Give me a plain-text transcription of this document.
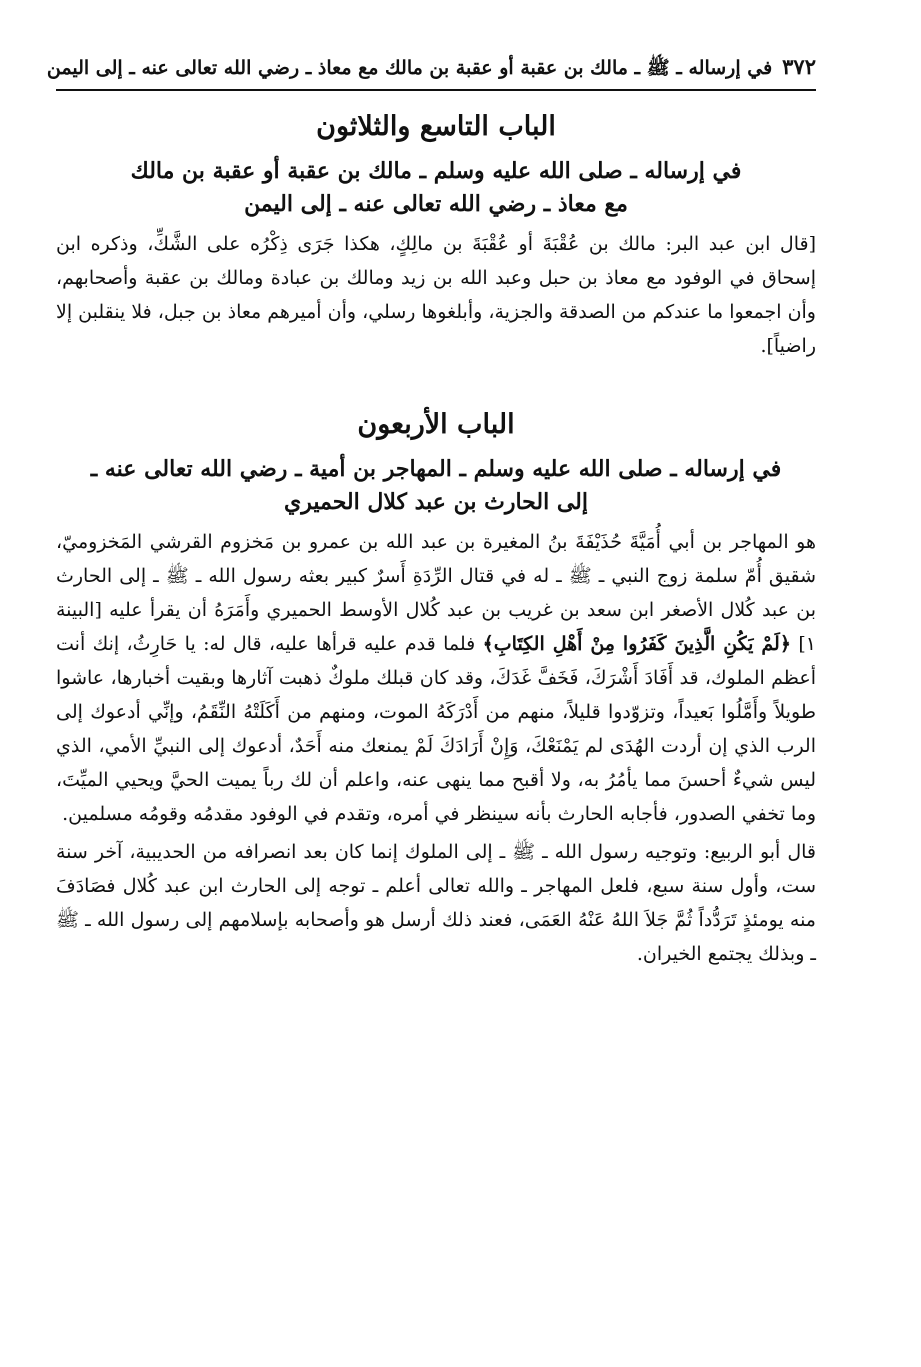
٣٧٢
في إرساله ـ ﷺ ـ مالك بن عقبة أو عقبة بن مالك مع معاذ ـ رضي الله تعالى عنه ـ إلى اليمن
الباب التاسع والثلاثون
في إرساله ـ صلى الله عليه وسلم ـ مالك بن عقبة أو عقبة بن مالك
مع معاذ ـ رضي الله تعالى عنه ـ إلى اليمن

[قال ابن عبد البر: مالك بن عُقْبَةَ أو عُقْبَةَ بن مالِكٍ، هكذا جَرَى ذِكْرُه على الشَّكِّ، وذكره ابن إسحاق في الوفود مع معاذ بن حبل وعبد الله بن زيد ومالك بن عبادة ومالك بن عقبة وأصحابهم، وأن اجمعوا ما عندكم من الصدقة والجزية، وأبلغوها رسلي، وأن أميرهم معاذ بن جبل، فلا ينقلبن إلا راضياً].

الباب الأربعون
في إرساله ـ صلى الله عليه وسلم ـ المهاجر بن أمية ـ رضي الله تعالى عنه ـ
إلى الحارث بن عبد كلال الحميري

هو المهاجر بن أبي أُمَيَّةَ حُذَيْفَةَ بنُ المغيرة بن عبد الله بن عمرو بن مَخزوم القرشي المَخزوميّ، شقيق أُمّ سلمة زوج النبي ـ ﷺ ـ له في قتال الرِّدَةِ أَسرٌ كبير بعثه رسول الله ـ ﷺ ـ إلى الحارث بن عبد كُلال الأصغر ابن سعد بن غريب بن عبد كُلال الأوسط الحميري وأَمَرَهُ أن يقرأ عليه [البينة ١] ﴿لَمْ يَكُنِ الَّذِينَ كَفَرُوا مِنْ أَهْلِ الكِتَابِ﴾ فلما قدم عليه قرأها عليه، قال له: يا حَارِثُ، إنك أنت أعظم الملوك، قد أَفَادَ أَشْرَكَ، فَخَفَّ غَدَكَ، وقد كان قبلك ملوكٌ ذهبت آثارها وبقيت أخبارها، عاشوا طويلاً وأَمَّلُوا بَعيداً، وتزوّدوا قليلاً، منهم من أَدْرَكَهُ الموت، ومنهم من أَكَلَتْهُ النِّقَمُ، وإنِّي أدعوك إلى الرب الذي إن أردت الهُدَى لم يَمْنَعْكَ، وَإِنْ أَرَادَكَ لَمْ يمنعك منه أَحَدٌ، أدعوك إلى النبيِّ الأمي، الذي ليس شيءٌ أحسنَ مما يأمُرُ به، ولا أقبح مما ينهى عنه، واعلم أن لك رباً يميت الحيَّ ويحيي الميِّتَ، وما تخفي الصدور، فأجابه الحارث بأنه سينظر في أمره، وتقدم في الوفود مقدمُه وقومُه مسلمين.

قال أبو الربيع: وتوجيه رسول الله ـ ﷺ ـ إلى الملوك إنما كان بعد انصرافه من الحديبية، آخر سنة ست، وأول سنة سبع، فلعل المهاجر ـ والله تعالى أعلم ـ توجه إلى الحارث ابن عبد كُلال فصَادَفَ منه يومئذٍ تَرَدُّداً ثُمَّ جَلاَ اللهُ عَنْهُ العَمَى، فعند ذلك أرسل هو وأصحابه بإسلامهم إلى رسول الله ـ ﷺ ـ وبذلك يجتمع الخيران.
